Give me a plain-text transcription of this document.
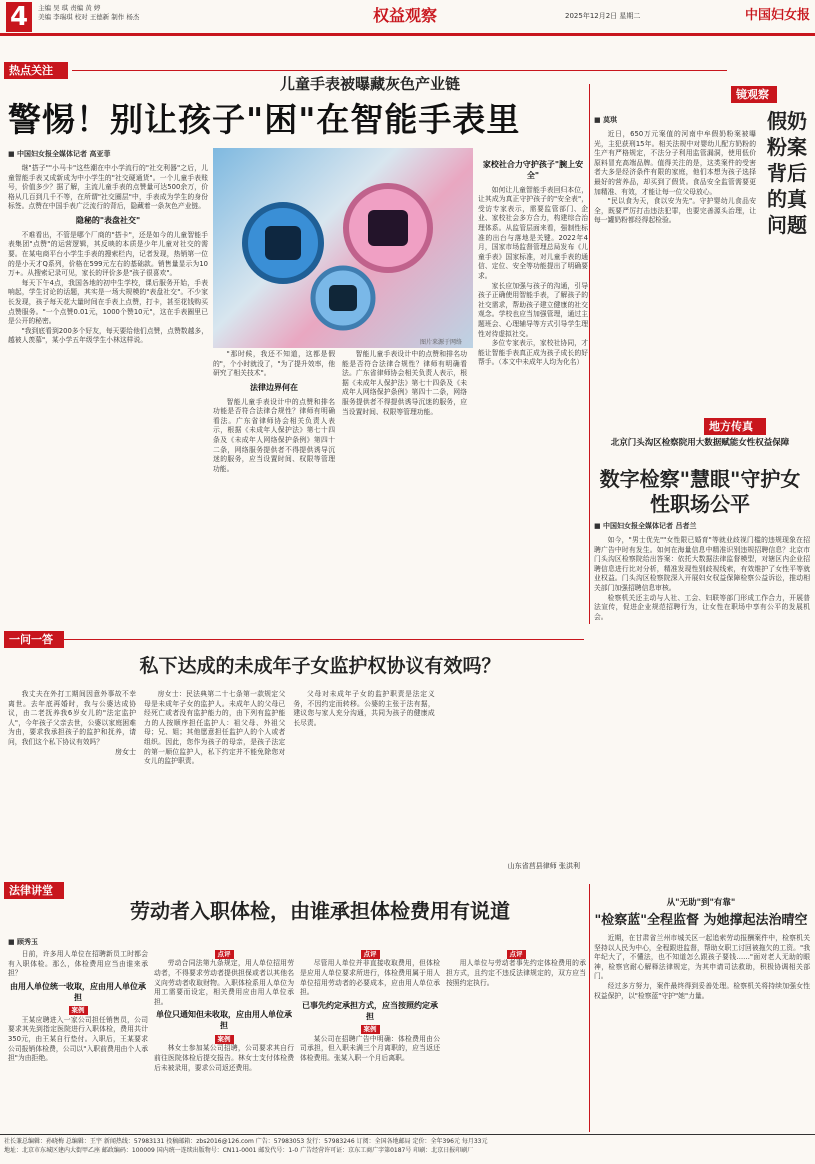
4	主编 吴 琪 责编 黄 婷
美编 李瑞琪 校对 王德新 制作 杨杰	权益观察	2025年12月2日 星期二	中国妇女报
热点关注
儿童手表被曝藏灰色产业链
警惕！别让孩子"困"在智能手表里
■ 中国妇女报全媒体记者 高亚菲

继"搭子""小马卡"这些潮在中小学流行的"社交利器"之后，儿童智能手表又成新成为中小学生的"社交硬通货"。一个儿童手表账号，价值多少？据了解，主流儿童手表的点赞量可达500余万，价格从几百到几千不等，在所谓"社交圈层"中，手表成为学生的身份标签。点赞在中国手表广泛流行的背后，隐藏着一条灰色产业链。

隐秘的"表盘社交"

不难看出，不管是哪个厂商的"搭卡"，还是如今的儿童智能手表集团"点赞"的运营逻辑，其反映的本质是少年儿童对社交的需要。在某电商平台小学生手表的搜索栏内，记者发现，热销第一位的是小天才Q系列，价格在599元左右的基础款。销售量显示为10万+。从搜索记录可见，家长的评价多是"孩子很喜欢"。

每天下午4点，我国各地的初中生学校，课后服务开始，手表响起，学生讨论的话题，其实是一场大规模的"表盘社交"。不少家长发现，孩子每天花大量时间在手表上点赞，打卡，甚至花钱购买点赞服务。"一个点赞0.01元，1000个赞10元"，这在手表圈里已是公开的秘密。

"我到底看到200多个好友，每天要给他们点赞，点赞数越多，越被人羡慕"，某小学五年级学生小林这样说。	图片来源于网络

"那时候，我还不知道，这都是假的"，个小时就没了，"为了提升效率，他研究了相关技术"。

法律边界何在

智能儿童手表设计中的点赞和排名功能是否符合法律合规性？律师有明确看法。广东省律师协会相关负责人表示，根据《未成年人保护法》第七十四条及《未成年人网络保护条例》第四十二条，网络服务提供者不得提供诱导沉迷的服务，应当设置时间、权限等管理功能。

智能儿童手表设计中的点赞和排名功能是否符合法律合规性？律师有明确看法。广东省律师协会相关负责人表示，根据《未成年人保护法》第七十四条及《未成年人网络保护条例》第四十二条，网络服务提供者不得提供诱导沉迷的服务，应当设置时间、权限等管理功能。

家校社合力守护孩子"腕上安全"

如何让儿童智能手表回归本位，让其成为真正守护孩子的"安全表"，受访专家表示，需要监管部门、企业、家校社会多方合力，构建综合治理体系。从监管层面来看，强制性标准的出台与落地是关键。2022年4月，国家市场监督管理总局发布《儿童手表》国家标准，对儿童手表的通信、定位、安全等功能提出了明确要求。

家长应加强与孩子的沟通，引导孩子正确使用智能手表，了解孩子的社交需求，帮助孩子建立健康的社交观念。学校也应当加强管理，通过主题班会、心理辅导等方式引导学生理性对待虚拟社交。

多位专家表示，家校社协同，才能让智能手表真正成为孩子成长的好帮手。（本文中未成年人均为化名）

镜观察
假奶粉案背后的真问题
■ 莫琪

近日，650万元案值的河南中牟假奶粉案被曝光，主犯获刑15年。相关法规中对婴幼儿配方奶粉的生产有严格规定，不法分子利用监管漏洞，使用低价原料冒充高端品牌。值得关注的是，这类案件的受害者大多是经济条件有限的家庭，他们本想为孩子选择最好的营养品，却买到了假货。食品安全监管需要更加精准、有效，才能让每一位父母放心。

"民以食为天，食以安为先"。守护婴幼儿食品安全，既要严厉打击违法犯罪，也要完善源头治理，让每一罐奶粉都经得起检验。

地方传真
北京门头沟区检察院用大数据赋能女性权益保障
数字检察"慧眼"守护女性职场公平
■ 中国妇女报全媒体记者 吕者兰

如今，"男士优先""女性限已婚育"等就业歧视门槛的违规现象在招聘广告中时有发生。如何在海量信息中精准识别违规招聘信息？北京市门头沟区检察院给出答案：依托大数据法律监督模型，对辖区内企业招聘信息进行比对分析，精准发现性别歧视线索，有效维护了女性平等就业权益。门头沟区检察院深入开展妇女权益保障检察公益诉讼，推动相关部门加强招聘信息审核。

检察机关还主动与人社、工会、妇联等部门形成工作合力，开展普法宣传，促进企业规范招聘行为，让女性在职场中享有公平的发展机会。

一问一答
私下达成的未成年子女监护权协议有效吗？

我丈夫在外打工期间因意外事故不幸离世。去年底再婚时，我与公婆达成协议，由二老抚养我6岁女儿的"法定监护人"，今年孩子父亲去世，公婆以家庭困难为由，要求我承担孩子的监护和抚养，请问，我们这个私下协议有效吗？

房女士

房女士：民法典第二十七条第一款规定父母是未成年子女的监护人。未成年人的父母已经死亡或者没有监护能力的，由下列有监护能力的人按顺序担任监护人：祖父母、外祖父母；兄、姐；其他愿意担任监护人的个人或者组织。因此，您作为孩子的母亲，是孩子法定的第一顺位监护人，私下约定并不能免除您对女儿的监护职责。

父母对未成年子女的监护职责是法定义务，不因约定而转移。公婆的主张于法有据，建议您与家人充分沟通，共同为孩子的健康成长尽责。

山东省莒县律师 张洪利
法律讲堂
劳动者入职体检，由谁承担体检费用有说道
■ 顾秀玉

日前，许多用人单位在招聘新员工时都会有入职体检。那么，体检费用应当由谁来承担？

由用人单位统一收取，应由用人单位承担

案例

王某应聘进入一家公司担任销售员，公司要求其先到指定医院进行入职体检，费用共计350元，由王某自行垫付。入职后，王某要求公司报销体检费，公司以"入职前费用由个人承担"为由拒绝。

点评

劳动合同法第九条规定，用人单位招用劳动者，不得要求劳动者提供担保或者以其他名义向劳动者收取财物。入职体检系用人单位为用工需要而设定，相关费用应由用人单位承担。

单位只通知但未收取，应由用人单位承担

案例

林女士参加某公司招聘，公司要求其自行前往医院体检后提交报告。林女士支付体检费后未被录用，要求公司返还费用。

点评

尽管用人单位并非直接收取费用，但体检是应用人单位要求所进行，体检费用属于用人单位招用劳动者的必要成本，应由用人单位承担。

已事先约定承担方式，应当按照约定承担

案例

某公司在招聘广告中明确：体检费用由公司承担，但入职未满三个月离职的，应当返还体检费用。张某入职一个月后离职。

点评

用人单位与劳动者事先约定体检费用的承担方式，且约定不违反法律规定的，双方应当按照约定执行。

从"无助"到"有靠"
"检察蓝"全程监督 为她撑起法治晴空

近期，在甘肃省兰州市城关区一起追索劳动报酬案件中，检察机关坚持以人民为中心，全程跟进监督，帮助女职工讨回被拖欠的工资。"我年纪大了，不懂法，也不知道怎么跟孩子要钱……"面对老人无助的眼神，检察官耐心解释法律规定，为其申请司法救助，积极协调相关部门。

经过多方努力，案件最终得到妥善处理。检察机关将持续加强女性权益保护，以"检察蓝"守护"她"力量。

社长兼总编辑：孙晓梅 总编辑：王宇 新闻热线：57983131 投稿邮箱：zbs2016@126.com 广告：57983053 发行：57983246 订阅：全国各地邮局 定价：全年396元 每月33元
地址：北京市东城区建内大街甲乙座 邮政编码：100009 国内统一连续出版物号：CN11-0001 邮发代号：1-0 广告经营许可证：京东工商广字第0187号 印刷：北京日报印刷厂
